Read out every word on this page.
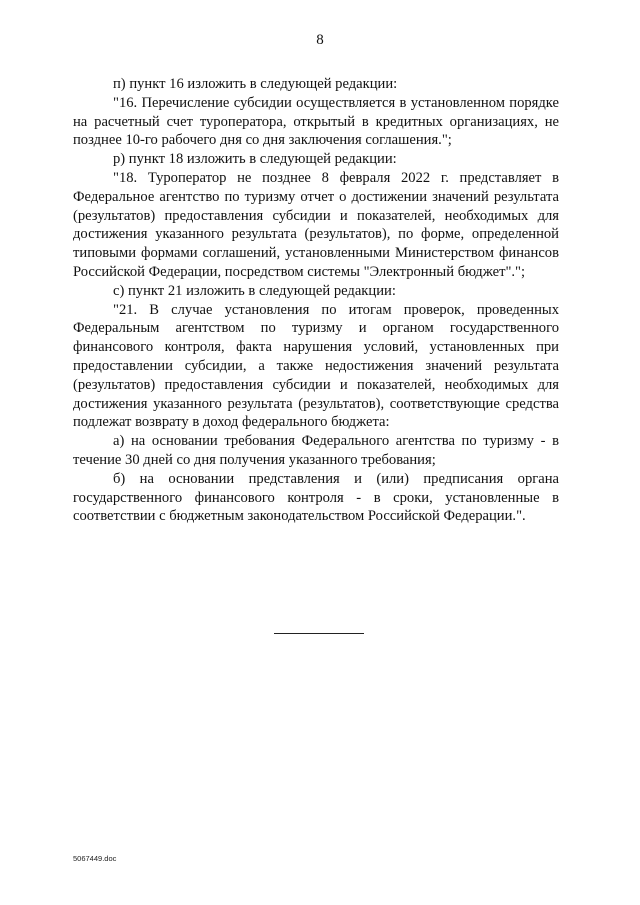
8

п) пункт 16 изложить в следующей редакции:

"16. Перечисление субсидии осуществляется в установленном порядке на расчетный счет туроператора, открытый в кредитных организациях, не позднее 10-го рабочего дня со дня заключения соглашения.";

р) пункт 18 изложить в следующей редакции:

"18. Туроператор не позднее 8 февраля 2022 г. представляет в Федеральное агентство по туризму отчет о достижении значений результата (результатов) предоставления субсидии и показателей, необходимых для достижения указанного результата (результатов), по форме, определенной типовыми формами соглашений, установленными Министерством финансов Российской Федерации, посредством системы "Электронный бюджет".";

с) пункт 21 изложить в следующей редакции:

"21. В случае установления по итогам проверок, проведенных Федеральным агентством по туризму и органом государственного финансового контроля, факта нарушения условий, установленных при предоставлении субсидии, а также недостижения значений результата (результатов) предоставления субсидии и показателей, необходимых для достижения указанного результата (результатов), соответствующие средства подлежат возврату в доход федерального бюджета:

а) на основании требования Федерального агентства по туризму - в течение 30 дней со дня получения указанного требования;

б) на основании представления и (или) предписания органа государственного финансового контроля - в сроки, установленные в соответствии с бюджетным законодательством Российской Федерации.".

5067449.doc
